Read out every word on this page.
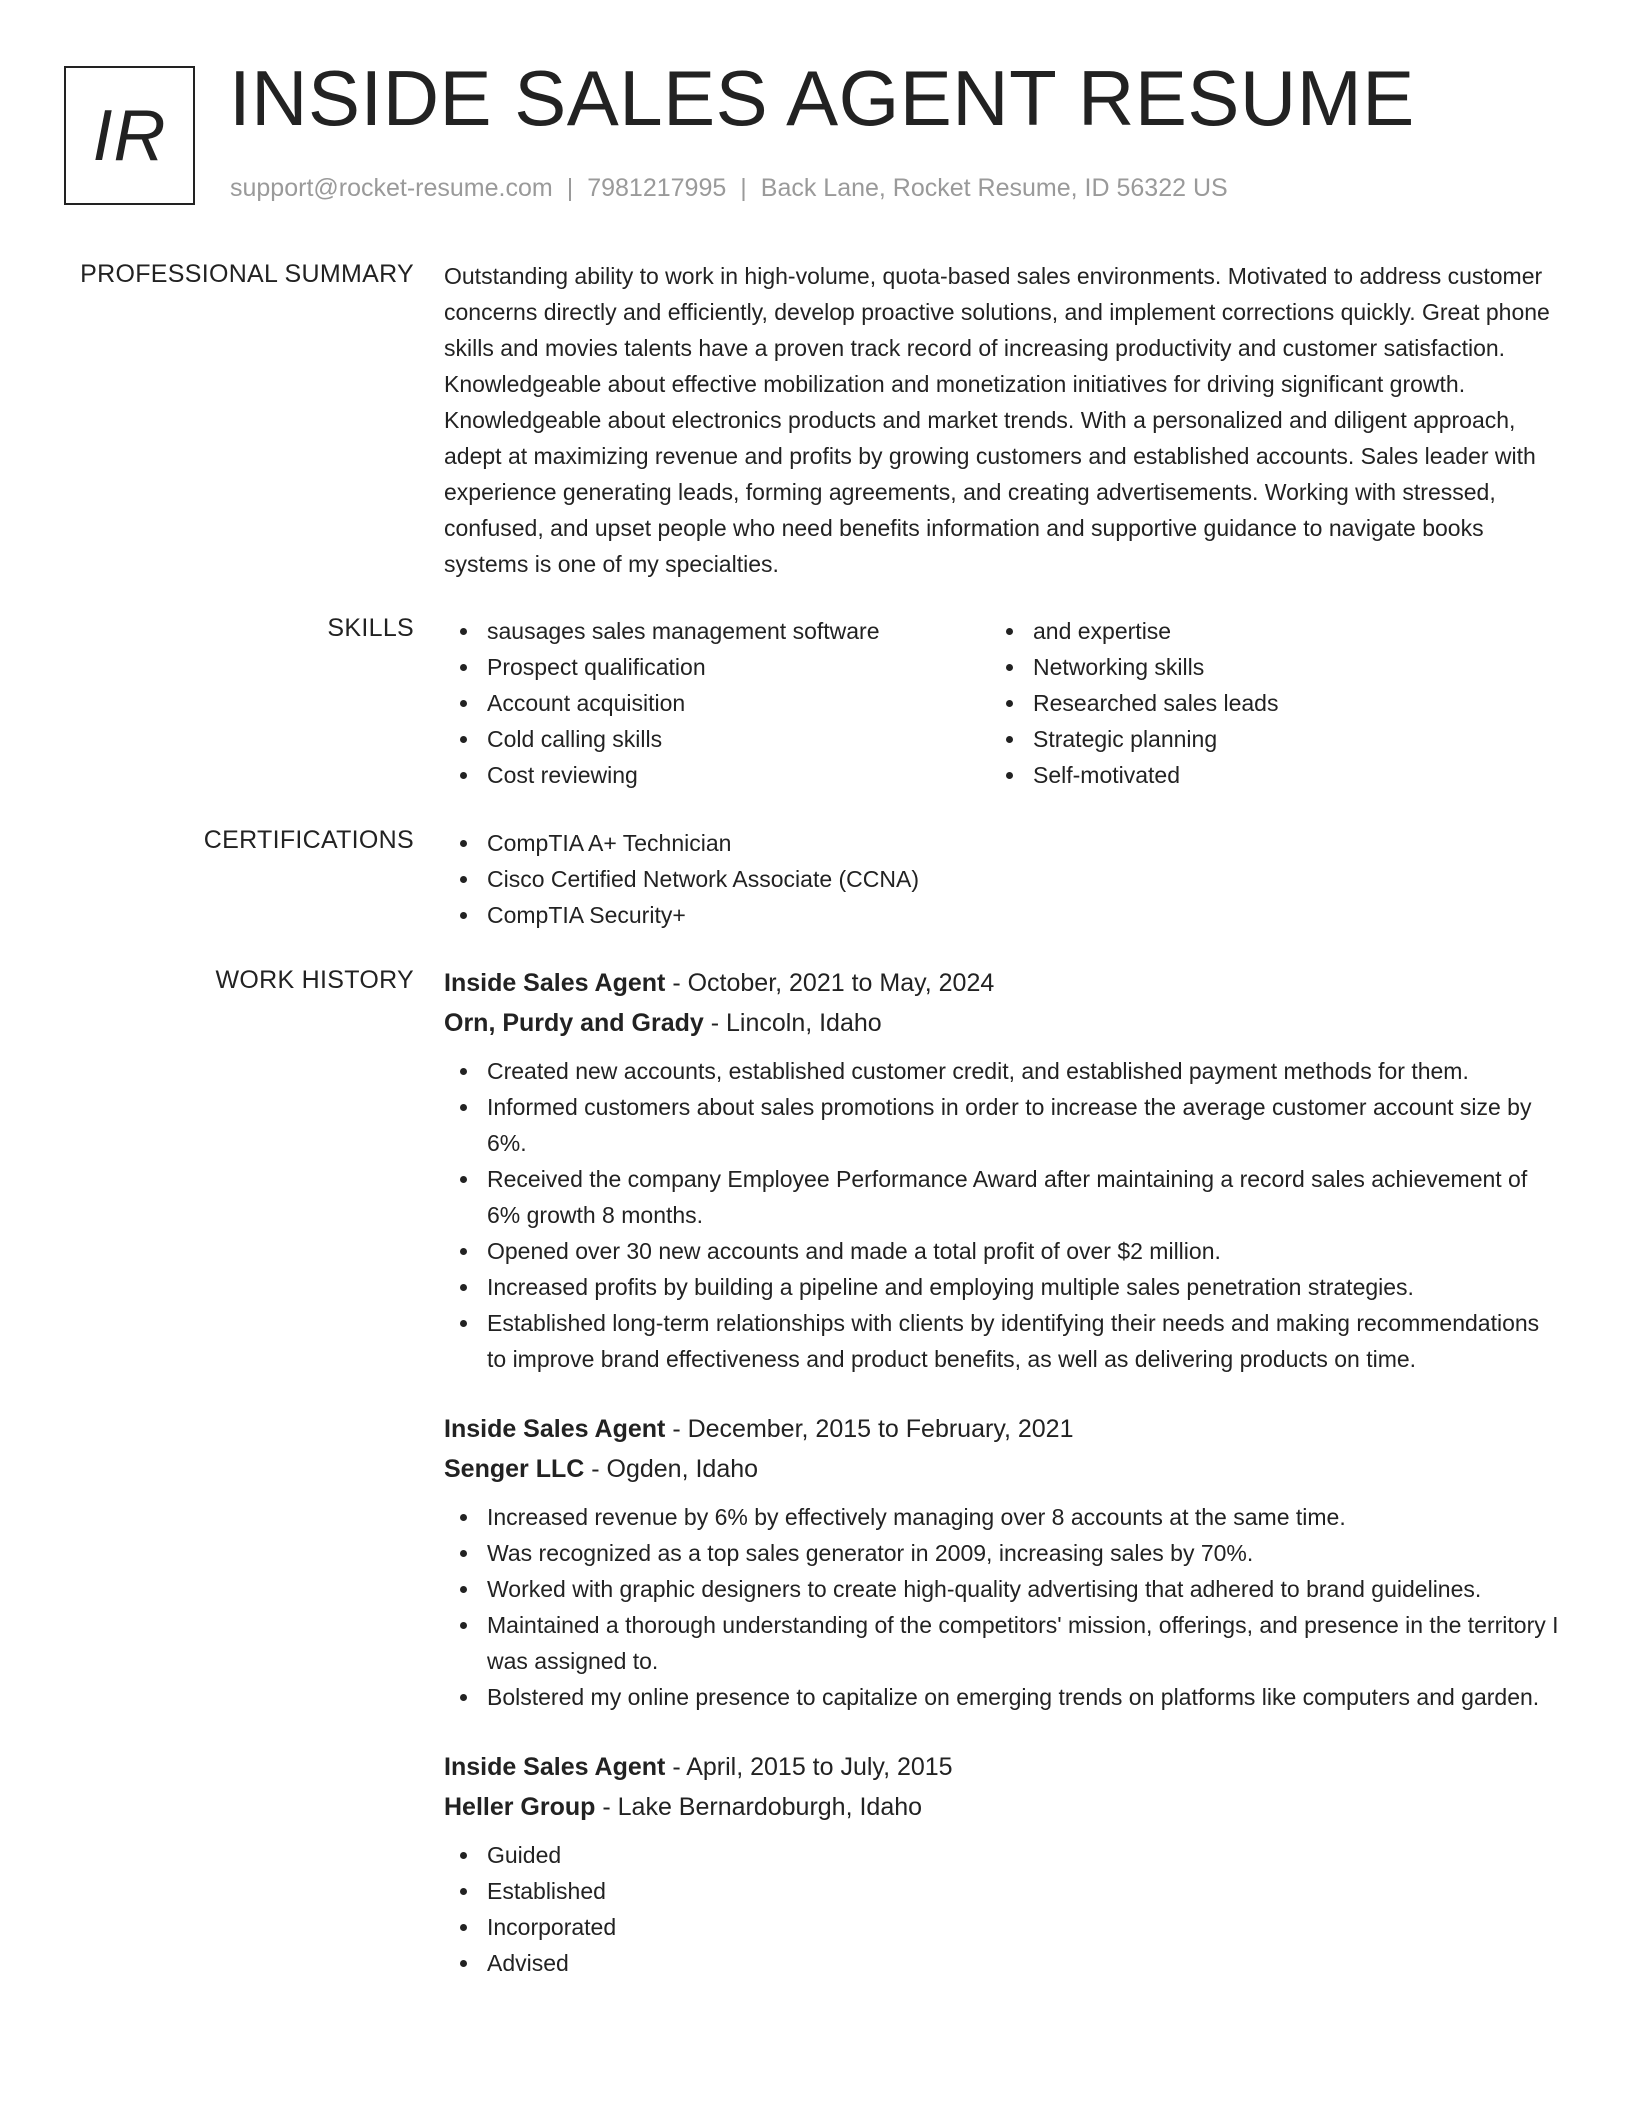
IR INSIDE SALES AGENT RESUME
support@rocket-resume.com | 7981217995 | Back Lane, Rocket Resume, ID 56322 US
PROFESSIONAL SUMMARY Outstanding ability to work in high-volume, quota-based sales environments. Motivated to address customer concerns directly and efficiently, develop proactive solutions, and implement corrections quickly. Great phone skills and movies talents have a proven track record of increasing productivity and customer satisfaction. Knowledgeable about effective mobilization and monetization initiatives for driving significant growth. Knowledgeable about electronics products and market trends. With a personalized and diligent approach, adept at maximizing revenue and profits by growing customers and established accounts. Sales leader with experience generating leads, forming agreements, and creating advertisements. Working with stressed, confused, and upset people who need benefits information and supportive guidance to navigate books systems is one of my specialties.

SKILLS	sausages sales management software
Prospect qualification
Account acquisition
Cold calling skills
Cost reviewing
and expertise
Networking skills
Researched sales leads
Strategic planning
Self-motivated
CERTIFICATIONS	CompTIA A+ Technician
Cisco Certified Network Associate (CCNA)
CompTIA Security+
WORK HISTORY Inside Sales Agent - October, 2021 to May, 2024
Orn, Purdy and Grady - Lincoln, Idaho
Created new accounts, established customer credit, and established payment methods for them.
Informed customers about sales promotions in order to increase the average customer account size by 6%.
Received the company Employee Performance Award after maintaining a record sales achievement of 6% growth 8 months.
Opened over 30 new accounts and made a total profit of over $2 million.
Increased profits by building a pipeline and employing multiple sales penetration strategies.
Established long-term relationships with clients by identifying their needs and making recommendations to improve brand effectiveness and product benefits, as well as delivering products on time.
Inside Sales Agent - December, 2015 to February, 2021
Senger LLC - Ogden, Idaho
Increased revenue by 6% by effectively managing over 8 accounts at the same time.
Was recognized as a top sales generator in 2009, increasing sales by 70%.
Worked with graphic designers to create high-quality advertising that adhered to brand guidelines.
Maintained a thorough understanding of the competitors' mission, offerings, and presence in the territory I was assigned to.
Bolstered my online presence to capitalize on emerging trends on platforms like computers and garden.
Inside Sales Agent - April, 2015 to July, 2015
Heller Group - Lake Bernardoburgh, Idaho
Guided
Established
Incorporated
Advised
